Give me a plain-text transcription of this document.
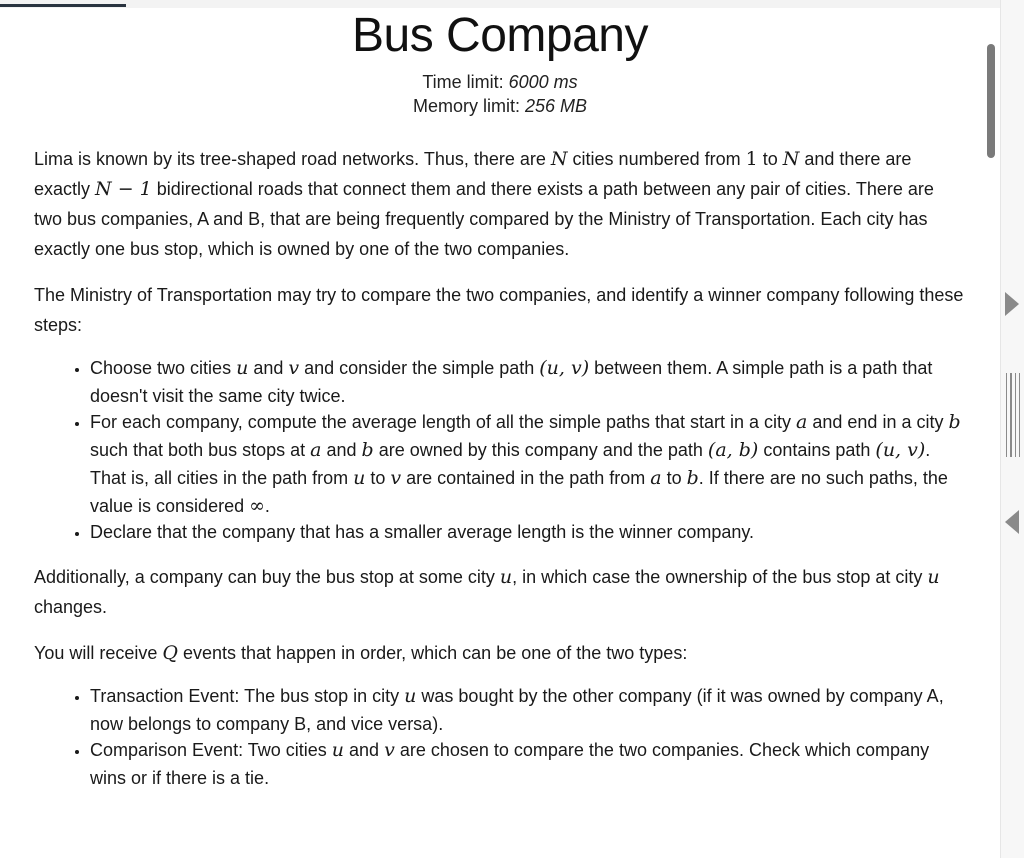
Bus Company
Time limit: 6000 ms
Memory limit: 256 MB

Lima is known by its tree-shaped road networks. Thus, there are N cities numbered from 1 to N and there are exactly N − 1 bidirectional roads that connect them and there exists a path between any pair of cities. There are two bus companies, A and B, that are being frequently compared by the Ministry of Transportation. Each city has exactly one bus stop, which is owned by one of the two companies.

The Ministry of Transportation may try to compare the two companies, and identify a winner company following these steps:

• Choose two cities u and v and consider the simple path (u, v) between them. A simple path is a path that doesn't visit the same city twice.
• For each company, compute the average length of all the simple paths that start in a city a and end in a city b such that both bus stops at a and b are owned by this company and the path (a, b) contains path (u, v). That is, all cities in the path from u to v are contained in the path from a to b. If there are no such paths, the value is considered ∞.
• Declare that the company that has a smaller average length is the winner company.

Additionally, a company can buy the bus stop at some city u, in which case the ownership of the bus stop at city u changes.

You will receive Q events that happen in order, which can be one of the two types:

• Transaction Event: The bus stop in city u was bought by the other company (if it was owned by company A, now belongs to company B, and vice versa).
• Comparison Event: Two cities u and v are chosen to compare the two companies. Check which company wins or if there is a tie.
